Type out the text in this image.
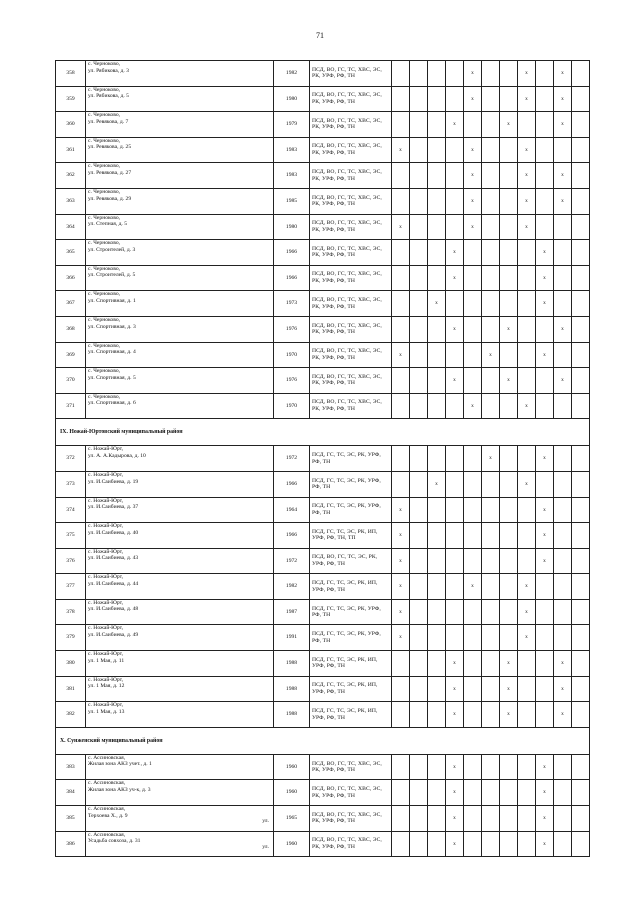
71
358	с. Черноково,
ул. Рябикова, д. 3	1982	ПСД, ВО, ГС, ТС, ХВС, ЭС, РК, УРФ, РФ, ТН					x			x		x	
359	с. Черноково,
ул. Рябикова, д. 5	1980	ПСД, ВО, ГС, ТС, ХВС, ЭС, РК, УРФ, РФ, ТН					x			x		x	
360	с. Черноково,
ул. Ревякова, д. 7	1979	ПСД, ВО, ГС, ТС, ХВС, ЭС, РК, УРФ, РФ, ТН				x			x			x	
361	с. Черноково,
ул. Ревякова, д. 25	1983	ПСД, ВО, ГС, ТС, ХВС, ЭС, РК, УРФ, РФ, ТН	x				x			x			
362	с. Черноково,
ул. Ревякова, д. 27	1983	ПСД, ВО, ГС, ТС, ХВС, ЭС, РК, УРФ, РФ, ТН					x			x		x	
363	с. Черноково,
ул. Ревякова, д. 29	1985	ПСД, ВО, ГС, ТС, ХВС, ЭС, РК, УРФ, РФ, ТН					x			x		x	
364	с. Черноково,
ул. Степная, д. 5	1980	ПСД, ВО, ГС, ТС, ХВС, ЭС, РК, УРФ, РФ, ТН	x				x			x			
365	с. Черноково,
ул. Строителей, д. 3	1966	ПСД, ВО, ГС, ТС, ХВС, ЭС, РК, УРФ, РФ, ТН				x					x		
366	с. Черноково,
ул. Строителей, д. 5	1966	ПСД, ВО, ГС, ТС, ХВС, ЭС, РК, УРФ, РФ, ТН				x					x		
367	с. Черноково,
ул. Спортивная, д. 1	1973	ПСД, ВО, ГС, ТС, ХВС, ЭС, РК, УРФ, РФ, ТН			x						x		
368	с. Черноково,
ул. Спортивная, д. 3	1976	ПСД, ВО, ГС, ТС, ХВС, ЭС, РК, УРФ, РФ, ТН				x			x			x	
369	с. Черноково,
ул. Спортивная, д. 4	1970	ПСД, ВО, ГС, ТС, ХВС, ЭС, РК, УРФ, РФ, ТН	x					x			x		
370	с. Черноково,
ул. Спортивная, д. 5	1976	ПСД, ВО, ГС, ТС, ХВС, ЭС, РК, УРФ, РФ, ТН				x			x			x	
371	с. Черноково,
ул. Спортивная, д. 6	1970	ПСД, ВО, ГС, ТС, ХВС, ЭС, РК, УРФ, РФ, ТН					x			x			
IX. Ножай-Юртовский муниципальный район														
372	с. Ножай-Юрт,
ул. А. А.Кадырова, д. 10	1972	ПСД, ГС, ТС, ЭС, РК, УРФ, РФ, ТН						x			x		
373	с. Ножай-Юрт,
ул. И.Саибиева, д. 19	1966	ПСД, ГС, ТС, ЭС, РК, УРФ, РФ, ТН			x					x			
374	с. Ножай-Юрт,
ул. И.Саибиева, д. 37	1964	ПСД, ГС, ТС, ЭС, РК, УРФ, РФ, ТН	x								x		
375	с. Ножай-Юрт,
ул. И.Саибиева, д. 40	1966	ПСД, ГС, ТС, ЭС, РК, ИП, УРФ, РФ, ТН, ТП	x								x		
376	с. Ножай-Юрт,
ул. И.Саибиева, д. 43	1972	ПСД, ВО, ГС, ТС, ЭС, РК, УРФ, РФ, ТН	x								x		
377	с. Ножай-Юрт,
ул. И.Саибиева, д. 44	1982	ПСД, ГС, ТС, ЭС, РК, ИП, УРФ, РФ, ТН	x				x			x			
378	с. Ножай-Юрт,
ул. И.Саибиева, д. 48	1987	ПСД, ГС, ТС, ЭС, РК, УРФ, РФ, ТН	x							x			
379	с. Ножай-Юрт,
ул. И.Саибиева, д. 49	1991	ПСД, ГС, ТС, ЭС, РК, УРФ, РФ, ТН	x							x			
380	с. Ножай-Юрт,
ул. 1 Мая, д. 11	1988	ПСД, ГС, ТС, ЭС, РК, ИП, УРФ, РФ, ТН				x			x			x	
381	с. Ножай-Юрт,
ул. 1 Мая, д. 12	1988	ПСД, ГС, ТС, ЭС, РК, ИП, УРФ, РФ, ТН				x			x			x	
382	с. Ножай-Юрт,
ул. 1 Мая, д. 13	1988	ПСД, ГС, ТС, ЭС, РК, ИП, УРФ, РФ, ТН				x			x			x	
X. Сунженский муниципальный район														
383	с. Ассиновская,
Жилая зона АКЗ учет., д. 1	1960	ПСД, ВО, ГС, ТС, ХВС, ЭС, РК, УРФ, РФ, ТН				x					x		
384	с. Ассиновская,
Жилая зона АКЗ уч-к, д. 3	1960	ПСД, ВО, ГС, ТС, ХВС, ЭС, РК, УРФ, РФ, ТН				x					x		
385	с. Ассиновская,
Терхоева Х., д. 9
ул.	1965	ПСД, ВО, ГС, ТС, ХВС, ЭС, РК, УРФ, РФ, ТН				x					x		
386	с. Ассиновская,
Усадьба совхоза, д. 31
ул.	1960	ПСД, ВО, ГС, ТС, ХВС, ЭС, РК, УРФ, РФ, ТН				x					x		
